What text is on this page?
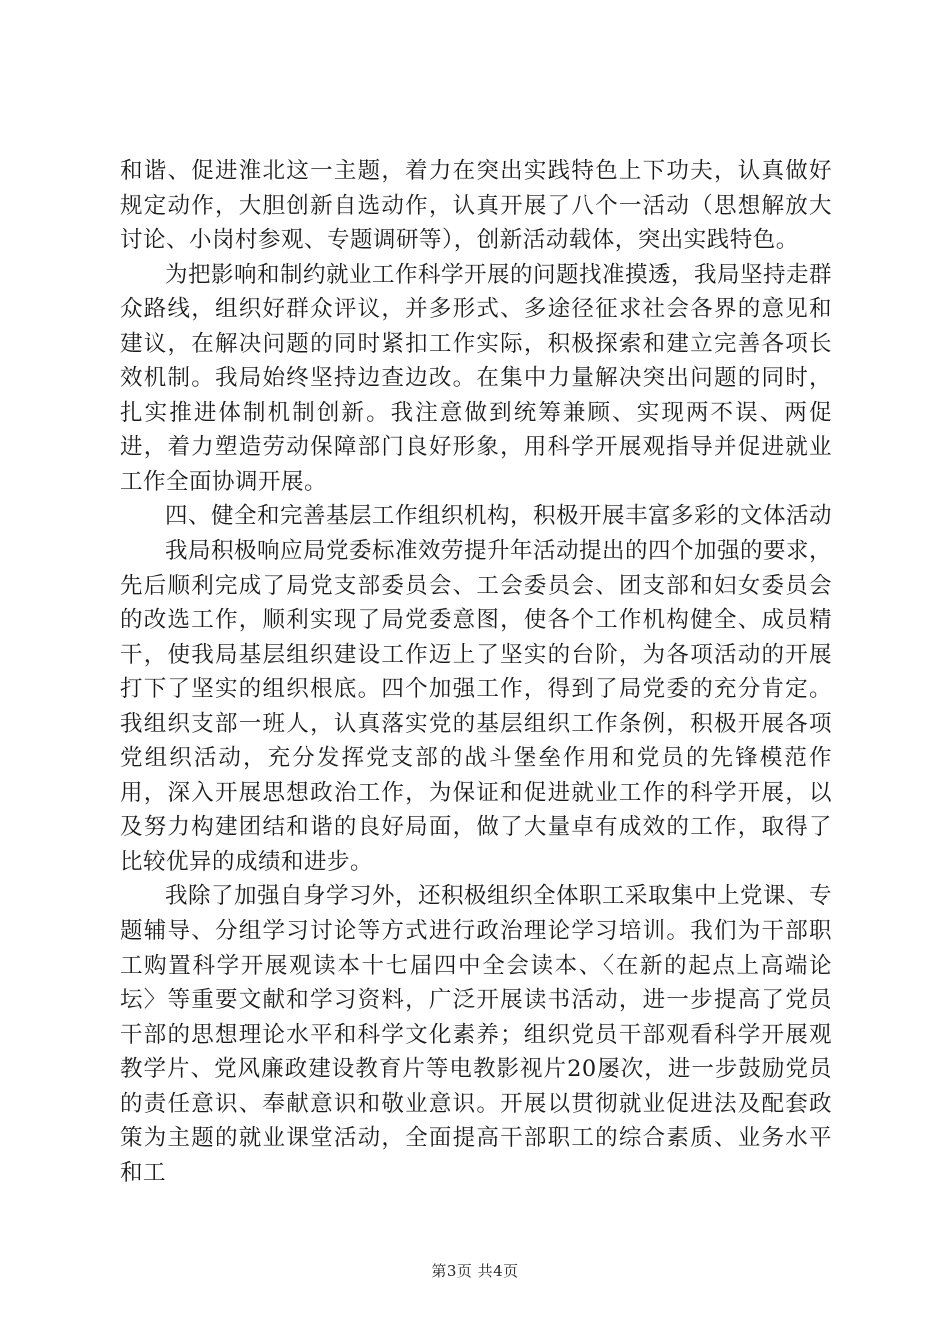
和谐、促进淮北这一主题，着力在突出实践特色上下功夫，认真做好规定动作，大胆创新自选动作，认真开展了八个一活动（思想解放大讨论、小岗村参观、专题调研等），创新活动载体，突出实践特色。

为把影响和制约就业工作科学开展的问题找准摸透，我局坚持走群众路线，组织好群众评议，并多形式、多途径征求社会各界的意见和建议，在解决问题的同时紧扣工作实际，积极探索和建立完善各项长效机制。我局始终坚持边查边改。在集中力量解决突出问题的同时，扎实推进体制机制创新。我注意做到统筹兼顾、实现两不误、两促进，着力塑造劳动保障部门良好形象，用科学开展观指导并促进就业工作全面协调开展。

四、健全和完善基层工作组织机构，积极开展丰富多彩的文体活动

我局积极响应局党委标准效劳提升年活动提出的四个加强的要求，先后顺利完成了局党支部委员会、工会委员会、团支部和妇女委员会的改选工作，顺利实现了局党委意图，使各个工作机构健全、成员精干，使我局基层组织建设工作迈上了坚实的台阶，为各项活动的开展打下了坚实的组织根底。四个加强工作，得到了局党委的充分肯定。我组织支部一班人，认真落实党的基层组织工作条例，积极开展各项党组织活动，充分发挥党支部的战斗堡垒作用和党员的先锋模范作用，深入开展思想政治工作，为保证和促进就业工作的科学开展，以及努力构建团结和谐的良好局面，做了大量卓有成效的工作，取得了比较优异的成绩和进步。

我除了加强自身学习外，还积极组织全体职工采取集中上党课、专题辅导、分组学习讨论等方式进行政治理论学习培训。我们为干部职工购置科学开展观读本十七届四中全会读本、〈在新的起点上高端论坛〉等重要文献和学习资料，广泛开展读书活动，进一步提高了党员干部的思想理论水平和科学文化素养；组织党员干部观看科学开展观教学片、党风廉政建设教育片等电教影视片20屡次，进一步鼓励党员的责任意识、奉献意识和敬业意识。开展以贯彻就业促进法及配套政策为主题的就业课堂活动，全面提高干部职工的综合素质、业务水平和工

第3页 共4页
